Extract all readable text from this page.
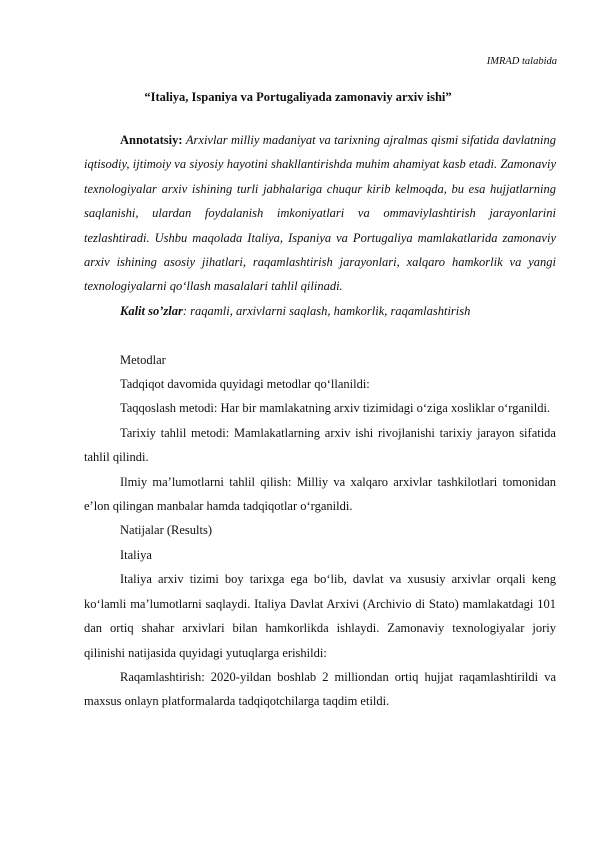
IMRAD talabida
“Italiya, Ispaniya va Portugaliyada zamonaviy arxiv ishi”

Annotatsiy: Arxivlar milliy madaniyat va tarixning ajralmas qismi sifatida davlatning iqtisodiy, ijtimoiy va siyosiy hayotini shakllantirishda muhim ahamiyat kasb etadi. Zamonaviy texnologiyalar arxiv ishining turli jabhalariga chuqur kirib kelmoqda, bu esa hujjatlarning saqlanishi, ulardan foydalanish imkoniyatlari va ommaviylashtirish jarayonlarini tezlashtiradi. Ushbu maqolada Italiya, Ispaniya va Portugaliya mamlakatlarida zamonaviy arxiv ishining asosiy jihatlari, raqamlashtirish jarayonlari, xalqaro hamkorlik va yangi texnologiyalarni qo‘llash masalalari tahlil qilinadi.

Kalit so’zlar: raqamli, arxivlarni saqlash, hamkorlik, raqamlashtirish

Metodlar

Tadqiqot davomida quyidagi metodlar qo‘llanildi:

Taqqoslash metodi: Har bir mamlakatning arxiv tizimidagi o‘ziga xosliklar o‘rganildi.

Tarixiy tahlil metodi: Mamlakatlarning arxiv ishi rivojlanishi tarixiy jarayon sifatida tahlil qilindi.

Ilmiy ma’lumotlarni tahlil qilish: Milliy va xalqaro arxivlar tashkilotlari tomonidan e’lon qilingan manbalar hamda tadqiqotlar o‘rganildi.

Natijalar (Results)

Italiya

Italiya arxiv tizimi boy tarixga ega bo‘lib, davlat va xususiy arxivlar orqali keng ko‘lamli ma’lumotlarni saqlaydi. Italiya Davlat Arxivi (Archivio di Stato) mamlakatdagi 101 dan ortiq shahar arxivlari bilan hamkorlikda ishlaydi. Zamonaviy texnologiyalar joriy qilinishi natijasida quyidagi yutuqlarga erishildi:

Raqamlashtirish: 2020-yildan boshlab 2 milliondan ortiq hujjat raqamlashtirildi va maxsus onlayn platformalarda tadqiqotchilarga taqdim etildi.
